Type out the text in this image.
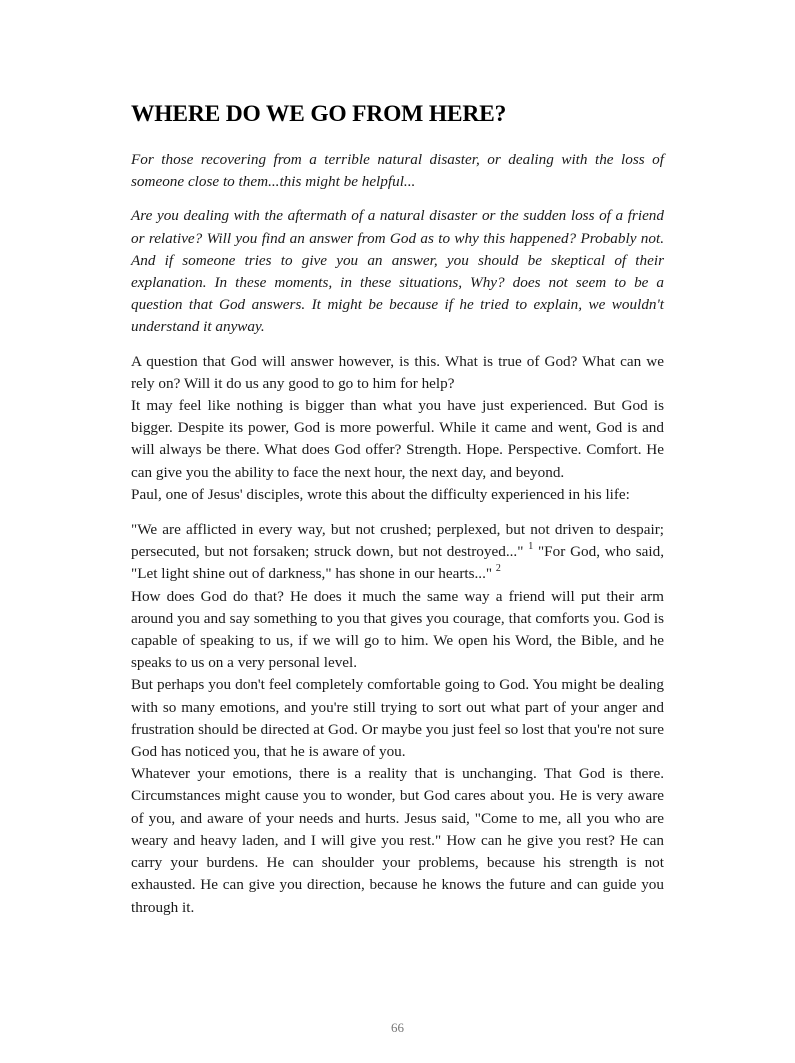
WHERE DO WE GO FROM HERE?

For those recovering from a terrible natural disaster, or dealing with the loss of someone close to them...this might be helpful...

Are you dealing with the aftermath of a natural disaster or the sudden loss of a friend or relative? Will you find an answer from God as to why this happened? Probably not. And if someone tries to give you an answer, you should be skeptical of their explanation. In these moments, in these situations, Why? does not seem to be a question that God answers. It might be because if he tried to explain, we wouldn't understand it anyway.

A question that God will answer however, is this. What is true of God? What can we rely on? Will it do us any good to go to him for help?

It may feel like nothing is bigger than what you have just experienced. But God is bigger. Despite its power, God is more powerful. While it came and went, God is and will always be there. What does God offer? Strength. Hope. Perspective. Comfort. He can give you the ability to face the next hour, the next day, and beyond.

Paul, one of Jesus' disciples, wrote this about the difficulty experienced in his life:

"We are afflicted in every way, but not crushed; perplexed, but not driven to despair; persecuted, but not forsaken; struck down, but not destroyed..." $^1$ "For God, who said, "Let light shine out of darkness," has shone in our hearts..." $^2$

How does God do that? He does it much the same way a friend will put their arm around you and say something to you that gives you courage, that comforts you. God is capable of speaking to us, if we will go to him. We open his Word, the Bible, and he speaks to us on a very personal level.

But perhaps you don't feel completely comfortable going to God. You might be dealing with so many emotions, and you're still trying to sort out what part of your anger and frustration should be directed at God. Or maybe you just feel so lost that you're not sure God has noticed you, that he is aware of you.

Whatever your emotions, there is a reality that is unchanging. That God is there. Circumstances might cause you to wonder, but God cares about you. He is very aware of you, and aware of your needs and hurts. Jesus said, "Come to me, all you who are weary and heavy laden, and I will give you rest." How can he give you rest? He can carry your burdens. He can shoulder your problems, because his strength is not exhausted. He can give you direction, because he knows the future and can guide you through it.

66
